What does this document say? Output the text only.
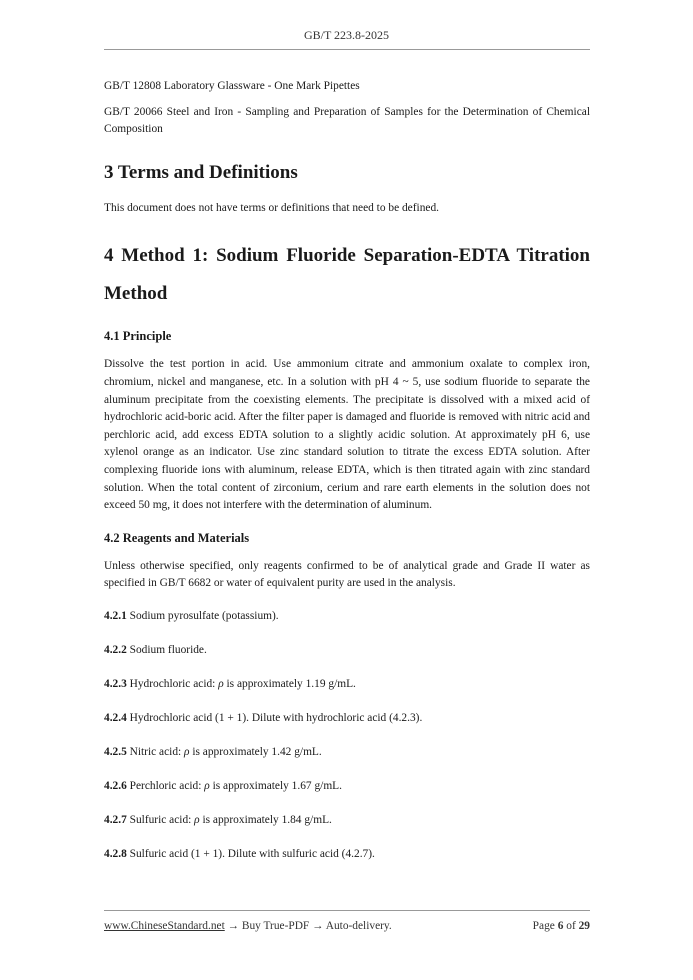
GB/T 223.8-2025

GB/T 12808 Laboratory Glassware - One Mark Pipettes

GB/T 20066 Steel and Iron - Sampling and Preparation of Samples for the Determination of Chemical Composition

3 Terms and Definitions

This document does not have terms or definitions that need to be defined.

4 Method 1: Sodium Fluoride Separation-EDTA Titration Method
4.1 Principle

Dissolve the test portion in acid. Use ammonium citrate and ammonium oxalate to complex iron, chromium, nickel and manganese, etc. In a solution with pH 4 ~ 5, use sodium fluoride to separate the aluminum precipitate from the coexisting elements. The precipitate is dissolved with a mixed acid of hydrochloric acid-boric acid. After the filter paper is damaged and fluoride is removed with nitric acid and perchloric acid, add excess EDTA solution to a slightly acidic solution. At approximately pH 6, use xylenol orange as an indicator. Use zinc standard solution to titrate the excess EDTA solution. After complexing fluoride ions with aluminum, release EDTA, which is then titrated again with zinc standard solution. When the total content of zirconium, cerium and rare earth elements in the solution does not exceed 50 mg, it does not interfere with the determination of aluminum.

4.2 Reagents and Materials

Unless otherwise specified, only reagents confirmed to be of analytical grade and Grade II water as specified in GB/T 6682 or water of equivalent purity are used in the analysis.

4.2.1 Sodium pyrosulfate (potassium).

4.2.2 Sodium fluoride.

4.2.3 Hydrochloric acid: ρ is approximately 1.19 g/mL.

4.2.4 Hydrochloric acid (1 + 1). Dilute with hydrochloric acid (4.2.3).

4.2.5 Nitric acid: ρ is approximately 1.42 g/mL.

4.2.6 Perchloric acid: ρ is approximately 1.67 g/mL.

4.2.7 Sulfuric acid: ρ is approximately 1.84 g/mL.

4.2.8 Sulfuric acid (1 + 1). Dilute with sulfuric acid (4.2.7).

www.ChineseStandard.net → Buy True-PDF → Auto-delivery.	Page 6 of 29
